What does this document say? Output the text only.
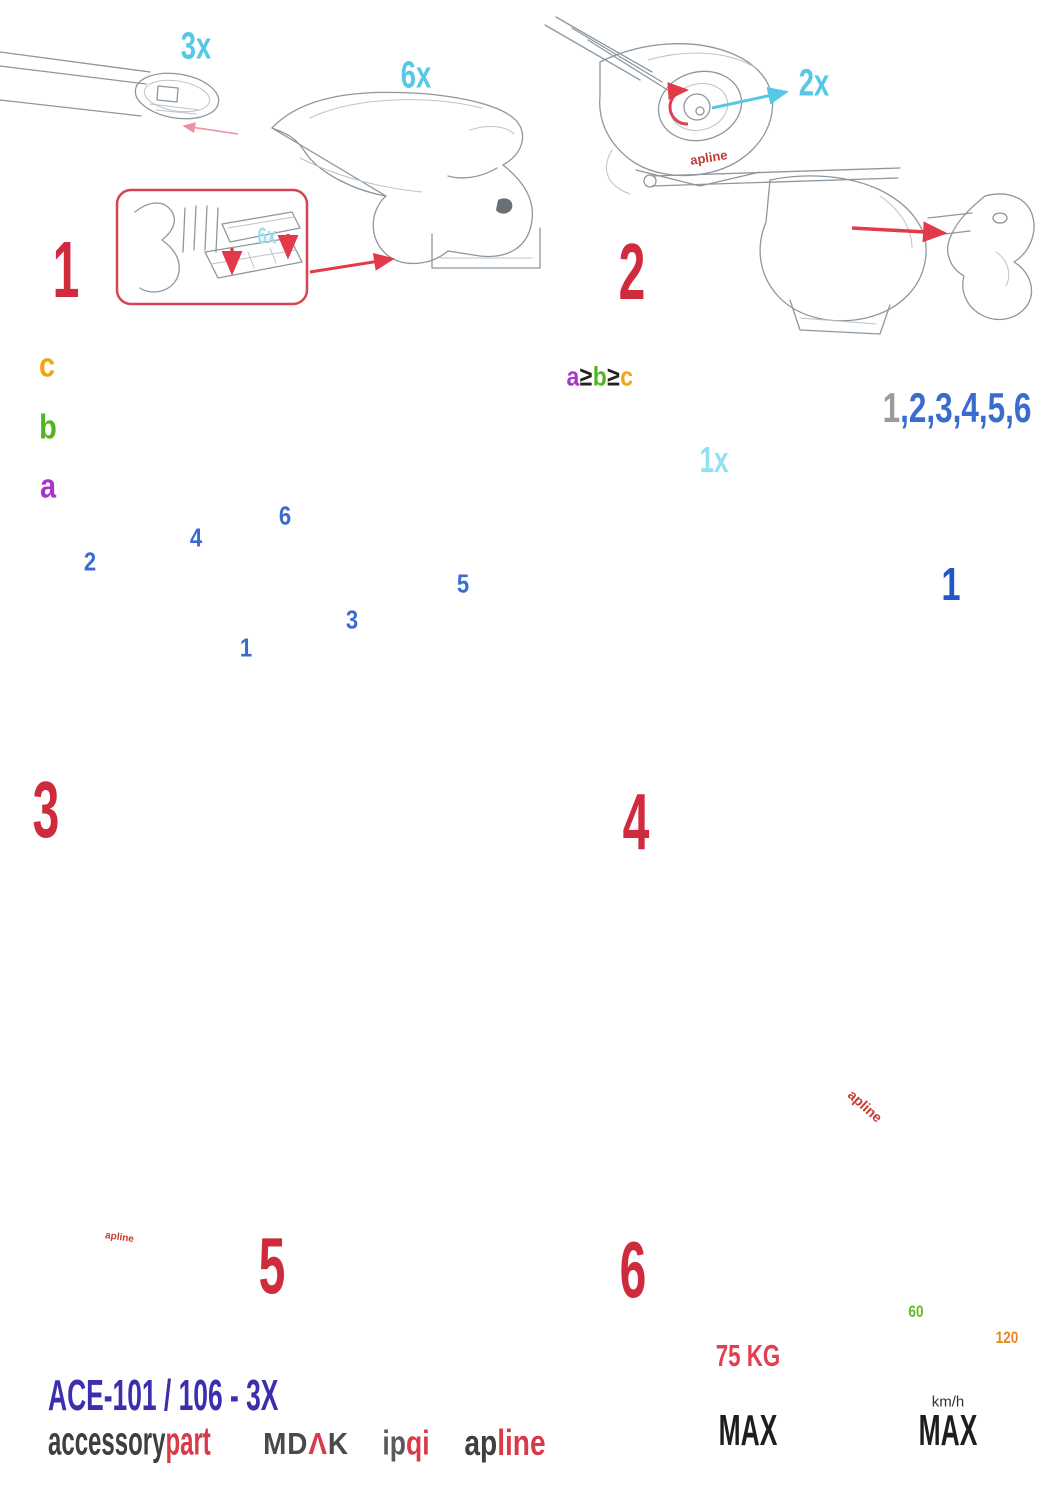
3x
6x
6x
1
2x
2
apline
c
b
a
a≥b≥c
1
2
3
4
5
6
3
1,2,3,4,5,6
1x
1
4
5
apline	6
apline
ACE-101 / 106 - 3X
accessorypart MDΛK ipqi apline
75 KG
MAX
60
120
km/h
MAX
